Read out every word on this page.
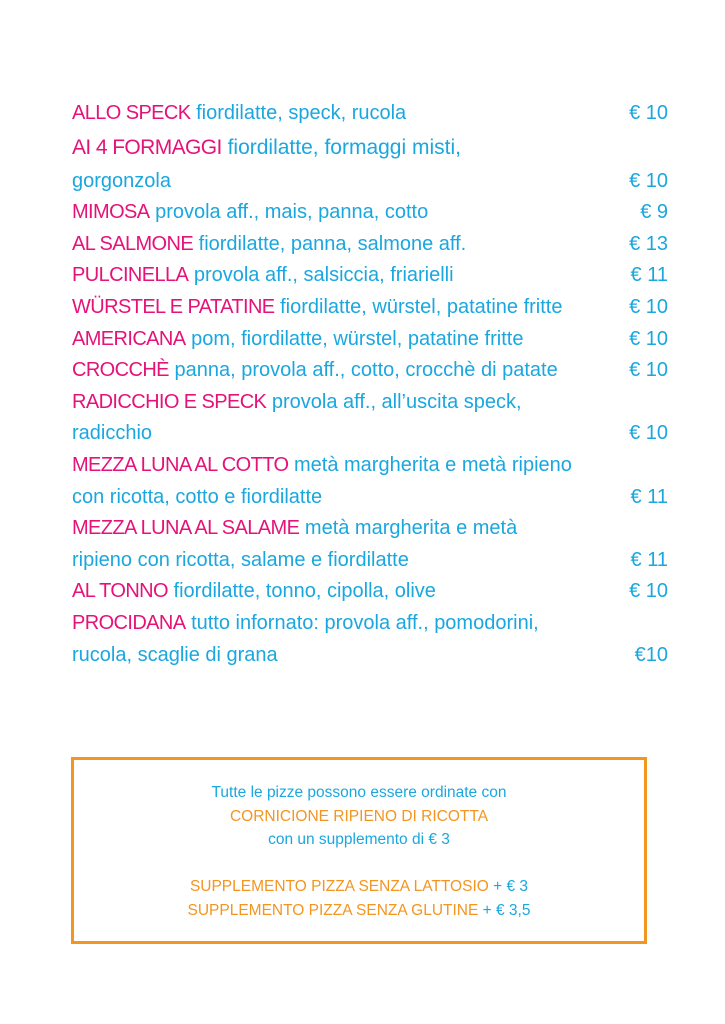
ALLO SPECK fiordilatte, speck, rucola	€ 10
AI 4 FORMAGGI fiordilatte, formaggi misti,
gorgonzola	€ 10
MIMOSA provola aff., mais, panna, cotto	€ 9
AL SALMONE fiordilatte, panna, salmone aff.	€ 13
PULCINELLA provola aff., salsiccia, friarielli	€ 11
WÜRSTEL E PATATINE fiordilatte, würstel, patatine fritte	€ 10
AMERICANA pom, fiordilatte, würstel, patatine fritte	€ 10
CROCCHÈ panna, provola aff., cotto, crocchè di patate	€ 10
RADICCHIO E SPECK provola aff., all’uscita speck,
radicchio	€ 10
MEZZA LUNA AL COTTO metà margherita e metà ripieno
con ricotta, cotto e fiordilatte	€ 11
MEZZA LUNA AL SALAME metà margherita e metà
ripieno con ricotta, salame e fiordilatte	€ 11
AL TONNO fiordilatte, tonno, cipolla, olive	€ 10
PROCIDANA tutto infornato: provola aff., pomodorini,
rucola, scaglie di grana	€10
Tutte le pizze possono essere ordinate con
CORNICIONE RIPIENO DI RICOTTA
con un supplemento di € 3
SUPPLEMENTO PIZZA SENZA LATTOSIO + € 3
SUPPLEMENTO PIZZA SENZA GLUTINE + € 3,5
